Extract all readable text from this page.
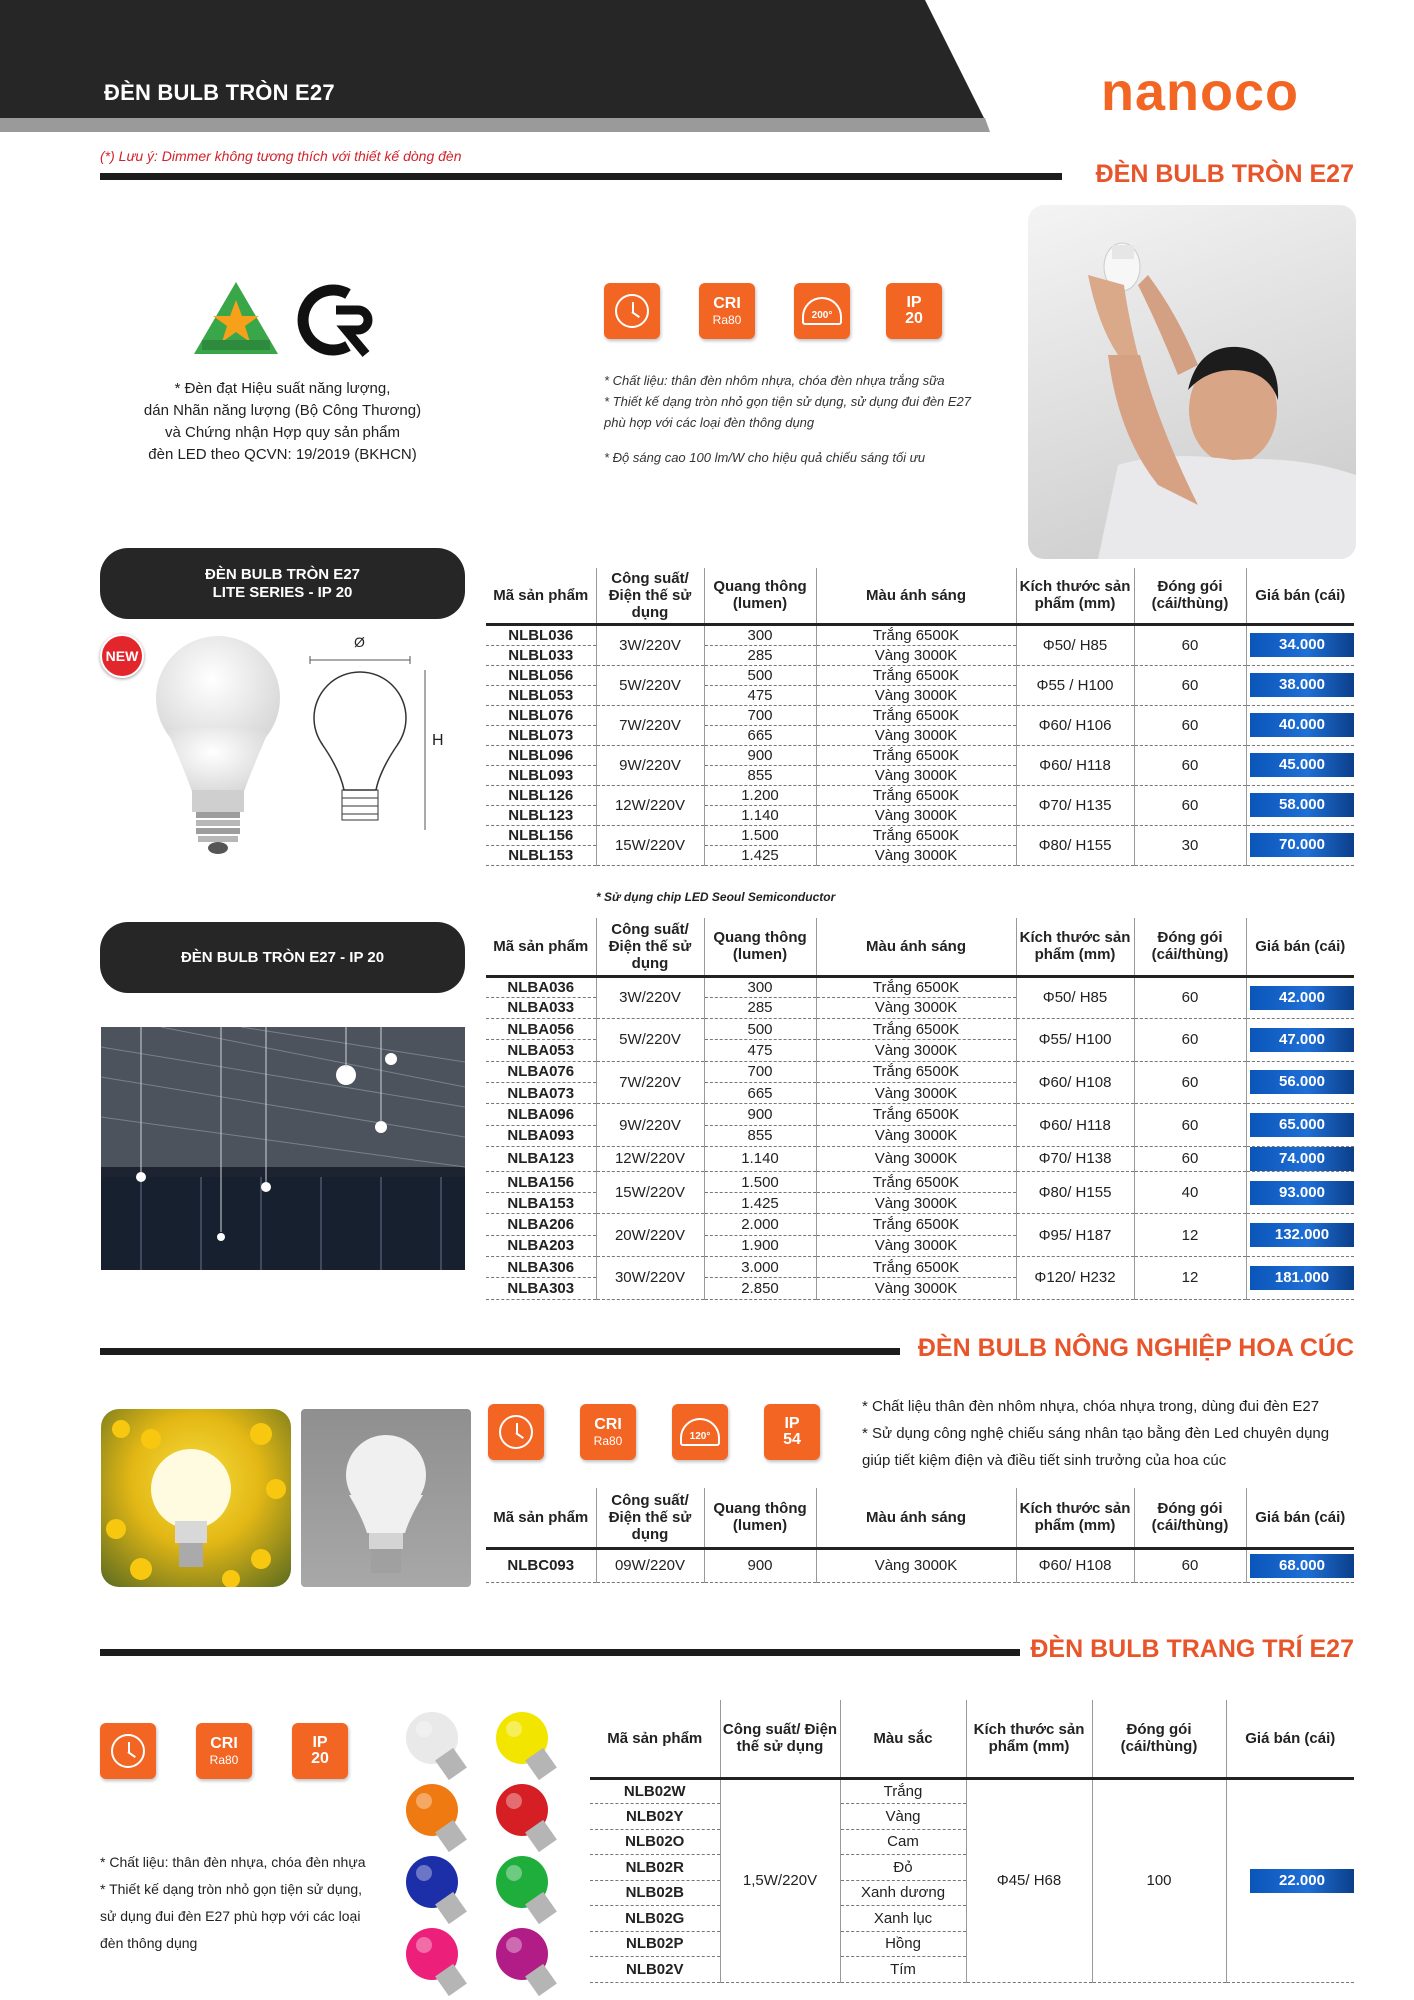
ĐÈN BULB TRÒN E27	nanoco
(*) Lưu ý: Dimmer không tương thích với thiết kế dòng đèn
ĐÈN BULB TRÒN E27
* Đèn đạt Hiệu suất năng lượng,
dán Nhãn năng lượng (Bộ Công Thương)
và Chứng nhận Hợp quy sản phẩm
đèn LED theo QCVN: 19/2019 (BKHCN)
CRI
Ra80	200°
IP
20
* Chất liệu: thân đèn nhôm nhựa, chóa đèn nhựa trắng sữa
* Thiết kế dạng tròn nhỏ gọn tiện sử dụng, sử dụng đui đèn E27
phù hợp với các loại đèn thông dụng
* Độ sáng cao 100 lm/W cho hiệu quả chiếu sáng tối ưu
ĐÈN BULB TRÒN E27
LITE SERIES - IP 20
NEW
Ø
H
Mã sản phẩm	Công suất/ Điện thế sử dụng	Quang thông (lumen)	Màu ánh sáng	Kích thước sản phẩm (mm)	Đóng gói (cái/thùng)	Giá bán (cái)
NLBL036	3W/220V	300	Trắng 6500K	Φ50/ H85	60	34.000
NLBL033		285	Vàng 3000K			
NLBL056	5W/220V	500	Trắng 6500K	Φ55 / H100	60	38.000
NLBL053		475	Vàng 3000K			
NLBL076	7W/220V	700	Trắng 6500K	Φ60/ H106	60	40.000
NLBL073		665	Vàng 3000K			
NLBL096	9W/220V	900	Trắng 6500K	Φ60/ H118	60	45.000
NLBL093		855	Vàng 3000K			
NLBL126	12W/220V	1.200	Trắng 6500K	Φ70/ H135	60	58.000
NLBL123		1.140	Vàng 3000K			
NLBL156	15W/220V	1.500	Trắng 6500K	Φ80/ H155	30	70.000
NLBL153		1.425	Vàng 3000K			
* Sử dụng chip LED Seoul Semiconductor
ĐÈN BULB TRÒN E27 - IP 20
Mã sản phẩm	Công suất/ Điện thế sử dụng	Quang thông (lumen)	Màu ánh sáng	Kích thước sản phẩm (mm)	Đóng gói (cái/thùng)	Giá bán (cái)
NLBA036	3W/220V	300	Trắng 6500K	Φ50/ H85	60	42.000
NLBA033		285	Vàng 3000K			
NLBA056	5W/220V	500	Trắng 6500K	Φ55/ H100	60	47.000
NLBA053		475	Vàng 3000K			
NLBA076	7W/220V	700	Trắng 6500K	Φ60/ H108	60	56.000
NLBA073		665	Vàng 3000K			
NLBA096	9W/220V	900	Trắng 6500K	Φ60/ H118	60	65.000
NLBA093		855	Vàng 3000K			
NLBA123	12W/220V	1.140	Vàng 3000K	Φ70/ H138	60	74.000
NLBA156	15W/220V	1.500	Trắng 6500K	Φ80/ H155	40	93.000
NLBA153		1.425	Vàng 3000K			
NLBA206	20W/220V	2.000	Trắng 6500K	Φ95/ H187	12	132.000
NLBA203		1.900	Vàng 3000K			
NLBA306	30W/220V	3.000	Trắng 6500K	Φ120/ H232	12	181.000
NLBA303		2.850	Vàng 3000K			
ĐÈN BULB NÔNG NGHIỆP HOA CÚC
CRI
Ra80	120°
IP
54
* Chất liệu thân đèn nhôm nhựa, chóa nhựa trong, dùng đui đèn E27
* Sử dụng công nghệ chiếu sáng nhân tạo bằng đèn Led chuyên dụng
giúp tiết kiệm điện và điều tiết sinh trưởng của hoa cúc
Mã sản phẩm	Công suất/ Điện thế sử dụng	Quang thông (lumen)	Màu ánh sáng	Kích thước sản phẩm (mm)	Đóng gói (cái/thùng)	Giá bán (cái)
NLBC093	09W/220V	900	Vàng 3000K	Φ60/ H108	60	68.000
ĐÈN BULB TRANG TRÍ E27
CRI
Ra80
IP
20
* Chất liệu: thân đèn nhựa, chóa đèn nhựa
* Thiết kế dạng tròn nhỏ gọn tiện sử dụng,
sử dụng đui đèn E27 phù hợp với các loại
đèn thông dụng
Mã sản phẩm	Công suất/ Điện thế sử dụng	Màu sắc	Kích thước sản phẩm (mm)	Đóng gói (cái/thùng)	Giá bán (cái)
NLB02W	1,5W/220V	Trắng	Φ45/ H68	100	22.000
NLB02Y		Vàng			
NLB02O		Cam			
NLB02R		Đỏ			
NLB02B		Xanh dương			
NLB02G		Xanh lục			
NLB02P		Hồng			
NLB02V		Tím			
